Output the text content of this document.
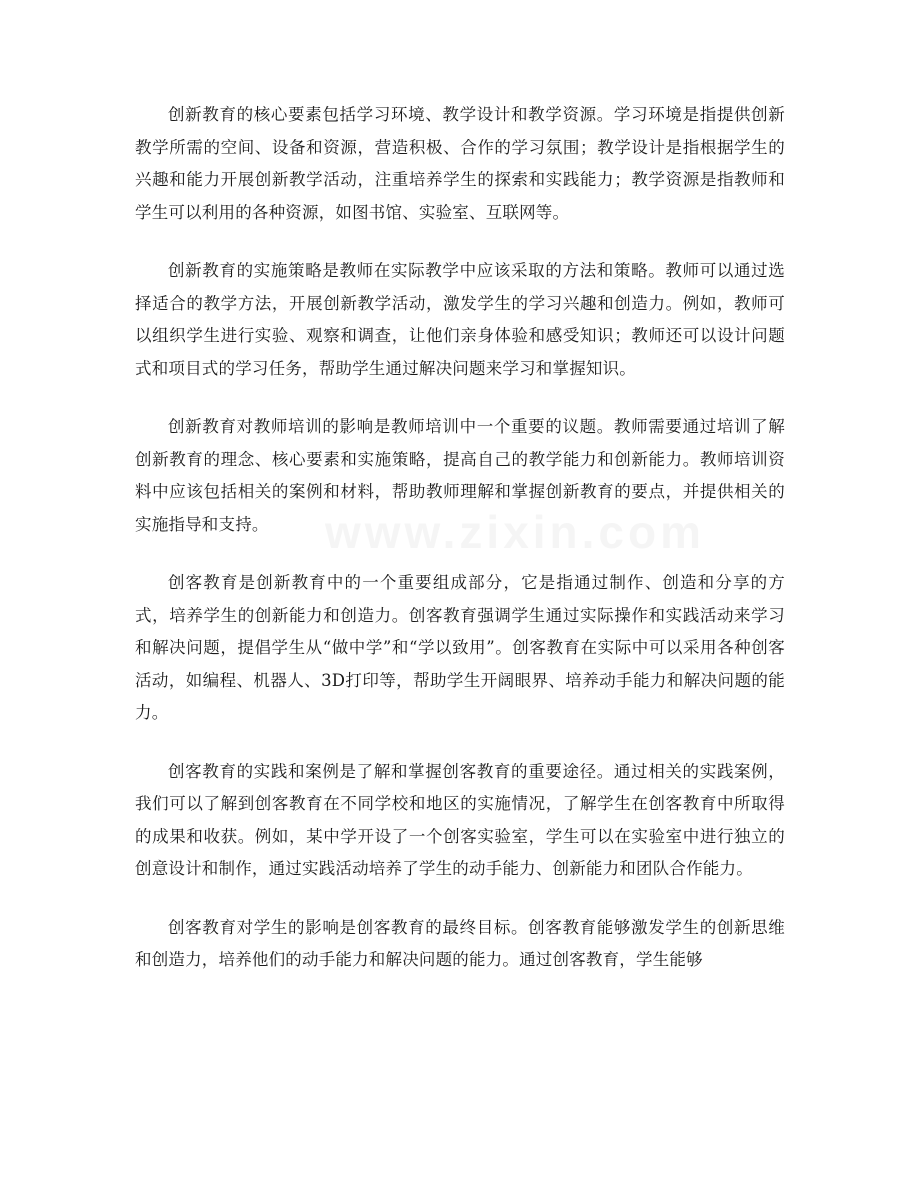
www.zixin.com

创新教育的核心要素包括学习环境、教学设计和教学资源。学习环境是指提供创新教学所需的空间、设备和资源，营造积极、合作的学习氛围；教学设计是指根据学生的兴趣和能力开展创新教学活动，注重培养学生的探索和实践能力；教学资源是指教师和学生可以利用的各种资源，如图书馆、实验室、互联网等。

创新教育的实施策略是教师在实际教学中应该采取的方法和策略。教师可以通过选择适合的教学方法，开展创新教学活动，激发学生的学习兴趣和创造力。例如，教师可以组织学生进行实验、观察和调查，让他们亲身体验和感受知识；教师还可以设计问题式和项目式的学习任务，帮助学生通过解决问题来学习和掌握知识。

创新教育对教师培训的影响是教师培训中一个重要的议题。教师需要通过培训了解创新教育的理念、核心要素和实施策略，提高自己的教学能力和创新能力。教师培训资料中应该包括相关的案例和材料，帮助教师理解和掌握创新教育的要点，并提供相关的实施指导和支持。

创客教育是创新教育中的一个重要组成部分，它是指通过制作、创造和分享的方式，培养学生的创新能力和创造力。创客教育强调学生通过实际操作和实践活动来学习和解决问题，提倡学生从“做中学”和“学以致用”。创客教育在实际中可以采用各种创客活动，如编程、机器人、3D打印等，帮助学生开阔眼界、培养动手能力和解决问题的能力。

创客教育的实践和案例是了解和掌握创客教育的重要途径。通过相关的实践案例，我们可以了解到创客教育在不同学校和地区的实施情况，了解学生在创客教育中所取得的成果和收获。例如，某中学开设了一个创客实验室，学生可以在实验室中进行独立的创意设计和制作，通过实践活动培养了学生的动手能力、创新能力和团队合作能力。

创客教育对学生的影响是创客教育的最终目标。创客教育能够激发学生的创新思维和创造力，培养他们的动手能力和解决问题的能力。通过创客教育，学生能够
